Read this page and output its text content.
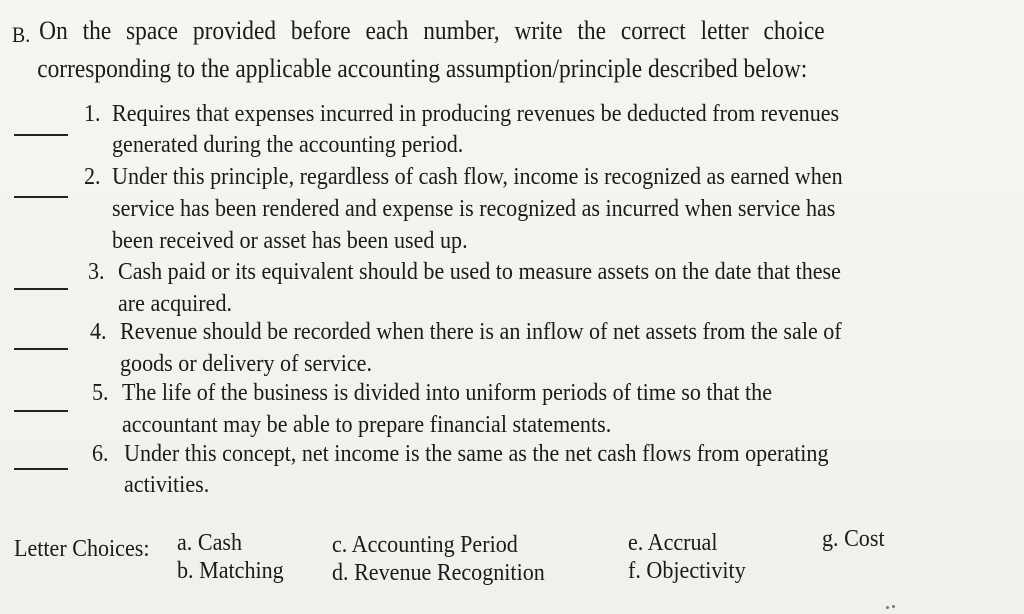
B. On the space provided before each number, write the correct letter choice
corresponding to the applicable accounting assumption/principle described below:
1. Requires that expenses incurred in producing revenues be deducted from revenues
generated during the accounting period.
2. Under this principle, regardless of cash flow, income is recognized as earned when
service has been rendered and expense is recognized as incurred when service has
been received or asset has been used up.
3. Cash paid or its equivalent should be used to measure assets on the date that these
are acquired.
4. Revenue should be recorded when there is an inflow of net assets from the sale of
goods or delivery of service.
5. The life of the business is divided into uniform periods of time so that the
accountant may be able to prepare financial statements.
6. Under this concept, net income is the same as the net cash flows from operating
activities.
Letter Choices: a. Cash
b. Matching
c. Accounting Period
d. Revenue Recognition
e. Accrual
f. Objectivity
g. Cost
